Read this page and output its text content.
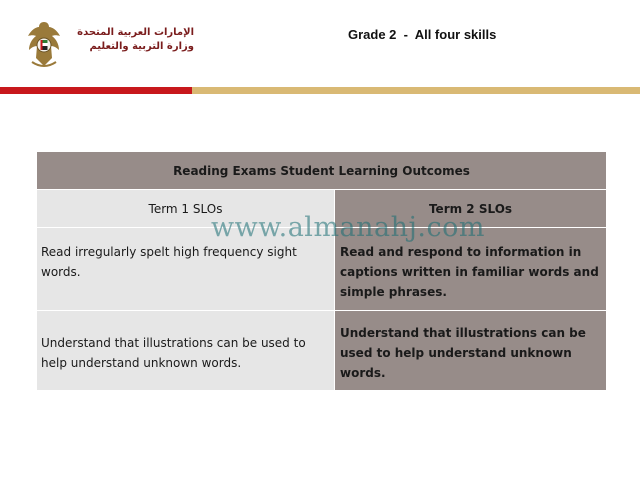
الإمارات العربية المتحدة
وزارة التربية والتعليم
Grade 2  -  All four skills
Reading Exams Student Learning Outcomes	
Term 1 SLOs	Term 2 SLOs
Read irregularly spelt high frequency sight words.	Read and respond to information in captions written in familiar words and simple phrases.
Understand that illustrations can be used to help understand unknown words.	Understand that illustrations can be used to help understand unknown words.
www.almanahj.com
